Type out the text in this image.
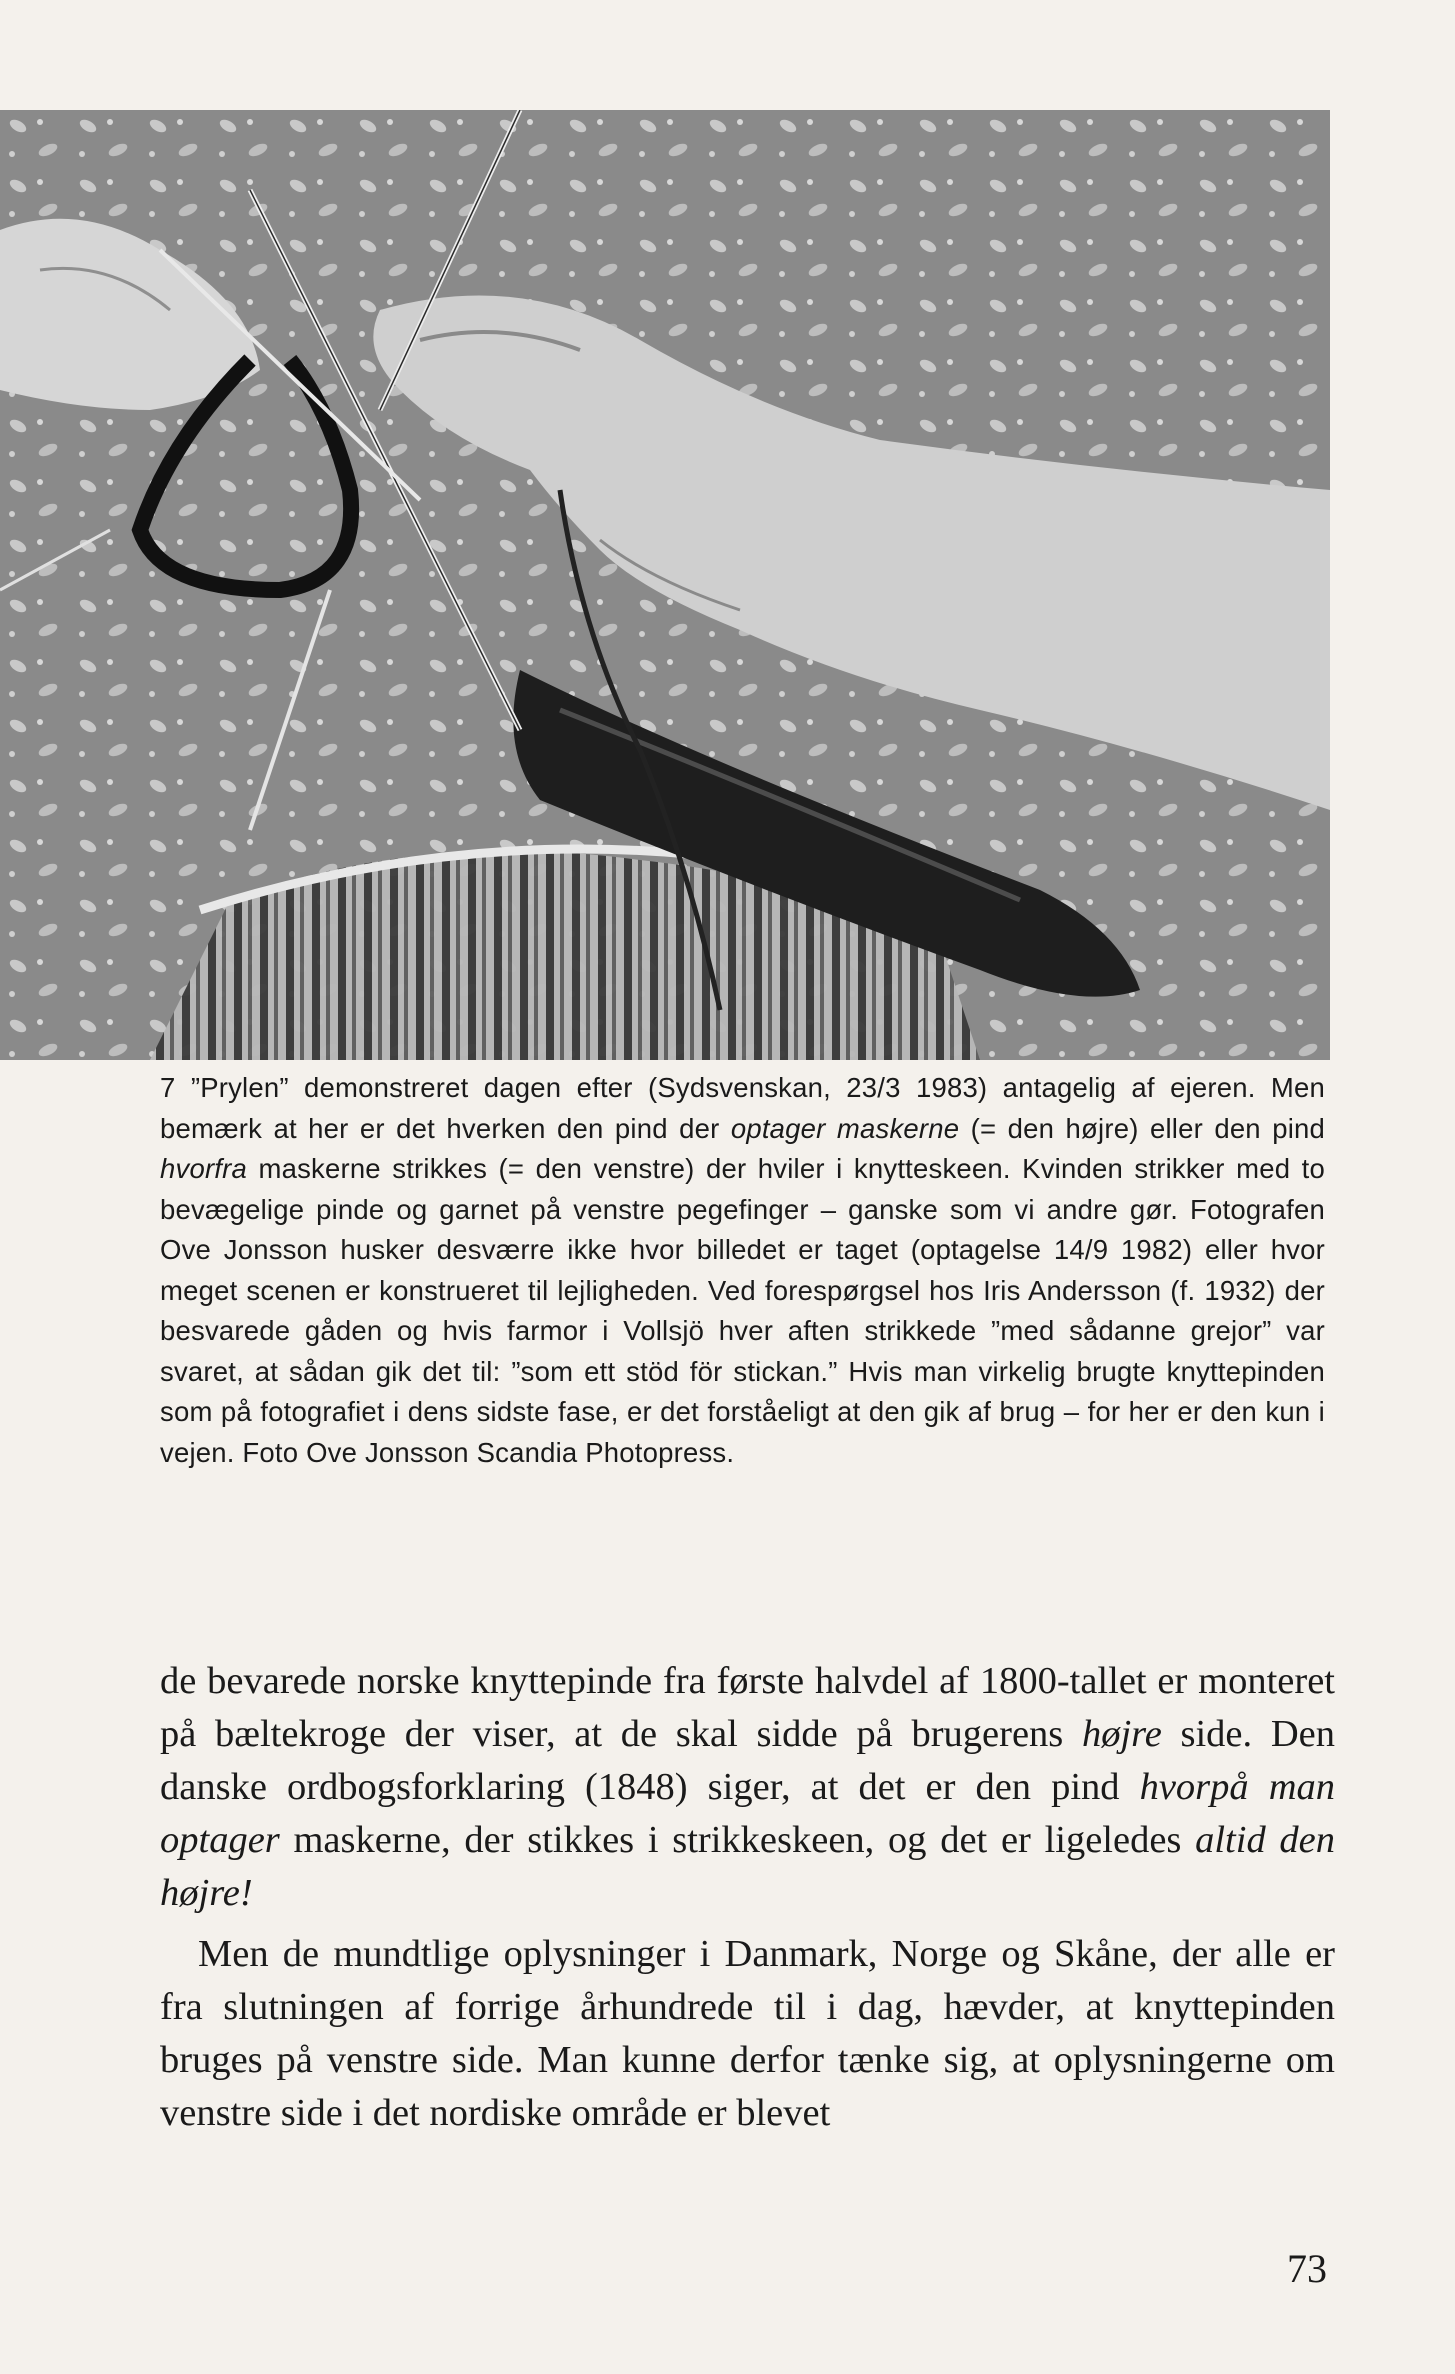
7 ”Prylen” demonstreret dagen efter (Sydsvenskan, 23/3 1983) antagelig af ejeren. Men bemærk at her er det hverken den pind der optager maskerne (= den højre) eller den pind hvorfra maskerne strikkes (= den venstre) der hviler i knytteskeen. Kvinden strikker med to bevægelige pinde og garnet på venstre pegefinger – ganske som vi andre gør. Fotografen Ove Jonsson husker desværre ikke hvor billedet er taget (optagelse 14/9 1982) eller hvor meget scenen er konstrueret til lejligheden. Ved forespørgsel hos Iris Andersson (f. 1932) der besvarede gåden og hvis farmor i Vollsjö hver aften strikkede ”med sådanne grejor” var svaret, at sådan gik det til: ”som ett stöd för stickan.” Hvis man virkelig brugte knyttepinden som på fotografiet i dens sidste fase, er det forståeligt at den gik af brug – for her er den kun i vejen. Foto Ove Jonsson Scandia Photopress.

de bevarede norske knyttepinde fra første halvdel af 1800-tallet er monteret på bæltekroge der viser, at de skal sidde på brugerens højre side. Den danske ordbogsforklaring (1848) siger, at det er den pind hvorpå man optager maskerne, der stikkes i strikkeskeen, og det er ligeledes altid den højre!

Men de mundtlige oplysninger i Danmark, Norge og Skåne, der alle er fra slutningen af forrige århundrede til i dag, hævder, at knyttepinden bruges på venstre side. Man kunne derfor tænke sig, at oplysningerne om venstre side i det nordiske område er blevet

73
